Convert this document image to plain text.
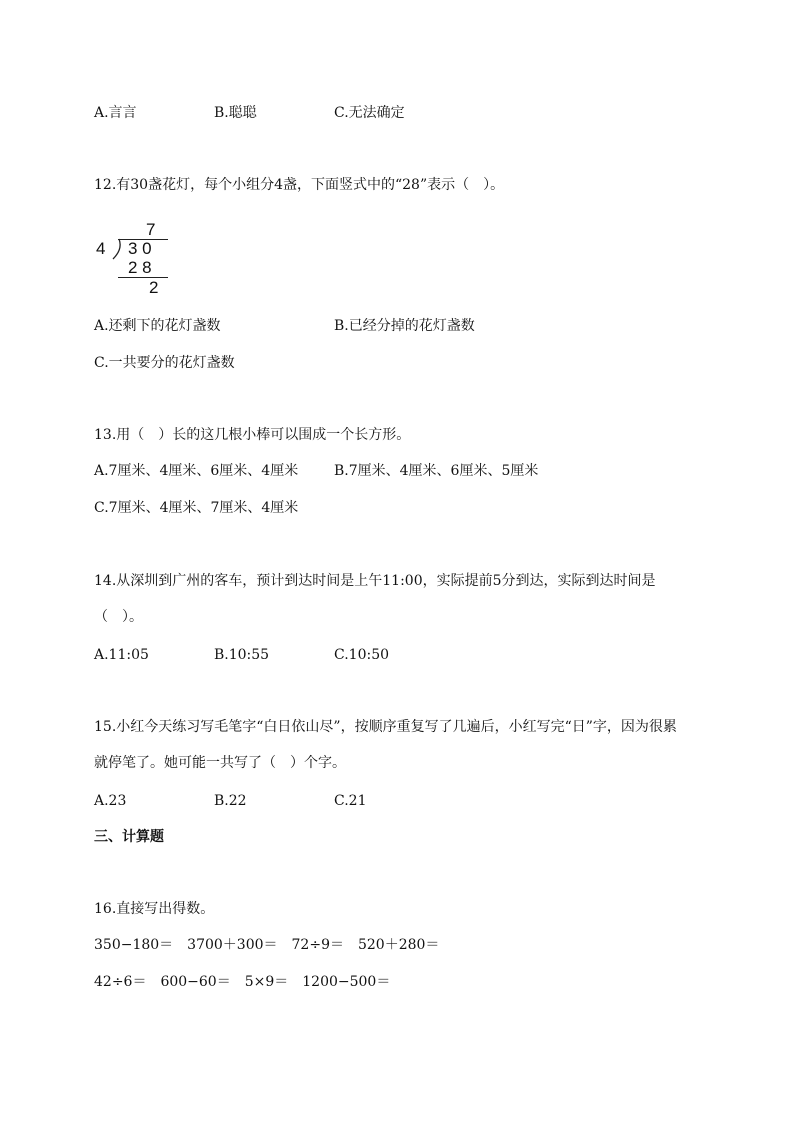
A.言言	B.聪聪	C.无法确定
12.有30盏花灯，每个小组分4盏，下面竖式中的“28”表示（　）。
7
4 3 0
2 8
2
A.还剩下的花灯盏数	B.已经分掉的花灯盏数
C.一共要分的花灯盏数
13.用（　）长的这几根小棒可以围成一个长方形。
A.7厘米、4厘米、6厘米、4厘米	B.7厘米、4厘米、6厘米、5厘米
C.7厘米、4厘米、7厘米、4厘米
14.从深圳到广州的客车，预计到达时间是上午11:00，实际提前5分到达，实际到达时间是
（　）。
A.11:05	B.10:55	C.10:50
15.小红今天练习写毛笔字“白日依山尽”，按顺序重复写了几遍后，小红写完“日”字，因为很累
就停笔了。她可能一共写了（　）个字。
A.23	B.22	C.21
三、计算题
16.直接写出得数。
350−180＝　3700＋300＝　72÷9＝　520＋280＝
42÷6＝　600−60＝　5×9＝　1200−500＝
